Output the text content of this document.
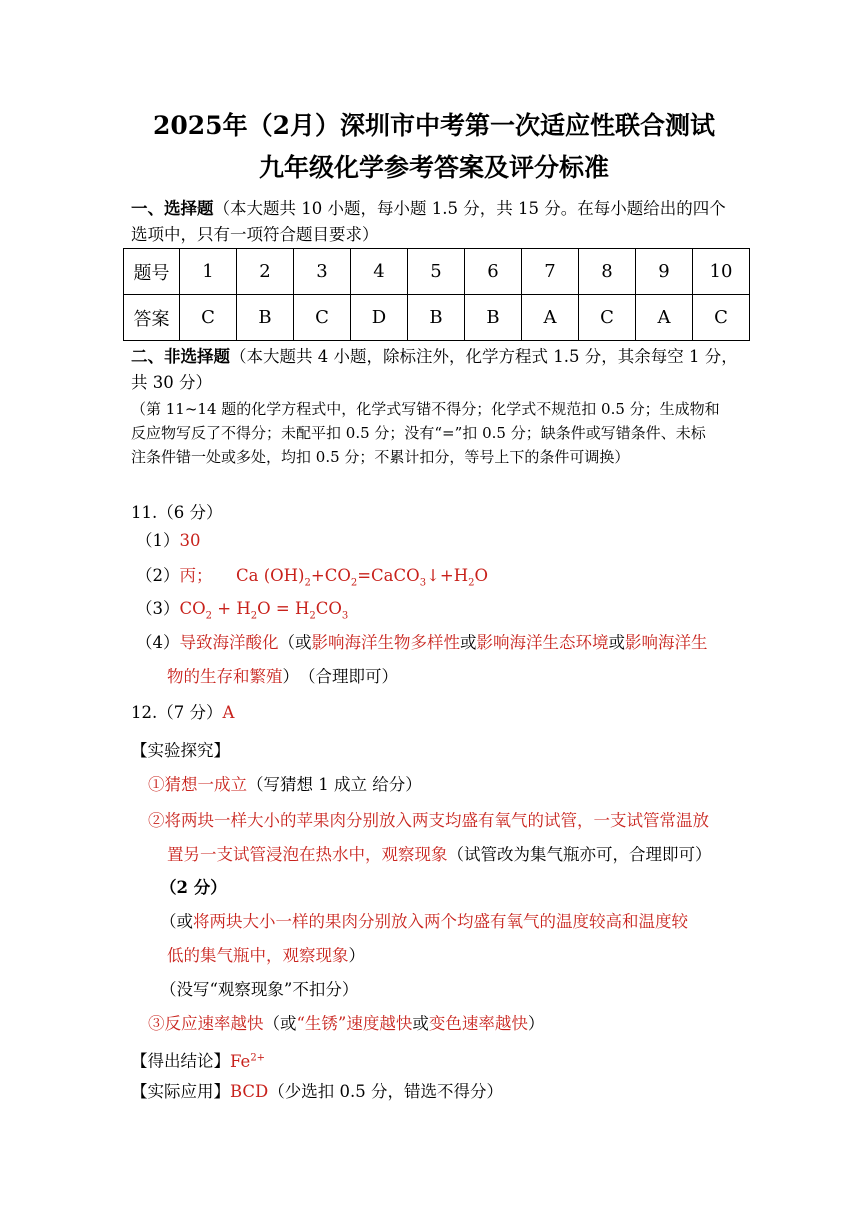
2025年（2月）深圳市中考第一次适应性联合测试
九年级化学参考答案及评分标准
一、选择题（本大题共 10 小题，每小题 1.5 分，共 15 分。在每小题给出的四个
选项中，只有一项符合题目要求）
题号	1	2	3	4	5	6	7	8	9	10
答案	C	B	C	D	B	B	A	C	A	C
二、非选择题（本大题共 4 小题，除标注外，化学方程式 1.5 分，其余每空 1 分，
共 30 分）
（第 11~14 题的化学方程式中，化学式写错不得分；化学式不规范扣 0.5 分；生成物和
反应物写反了不得分；未配平扣 0.5 分；没有“=”扣 0.5 分；缺条件或写错条件、未标
注条件错一处或多处，均扣 0.5 分；不累计扣分，等号上下的条件可调换）
11.（6 分）
（1）30
（2）丙； Ca $(OH)_2+CO_2=CaCO_3↓+H_2O$
$(3)CO_2 + H_2O = H_2CO_3$
（4）导致海洋酸化（或影响海洋生物多样性或影响海洋生态环境或影响海洋生
物的生存和繁殖）　（合理即可）
12.（7 分）A
【实验探究】
①猜想一成立（写猜想 1 成立 给分）
②将两块一样大小的苹果肉分别放入两支均盛有氧气的试管，一支试管常温放
置另一支试管浸泡在热水中，观察现象（试管改为集气瓶亦可，合理即可）
（2 分）
（或将两块大小一样的果肉分别放入两个均盛有氧气的温度较高和温度较
低的集气瓶中，观察现象）
（没写“观察现象”不扣分）
③反应速率越快（或“生锈”速度越快或变色速率越快）
【得出结论】$Fe^{2+}$
【实际应用】BCD（少选扣 0.5 分，错选不得分）
